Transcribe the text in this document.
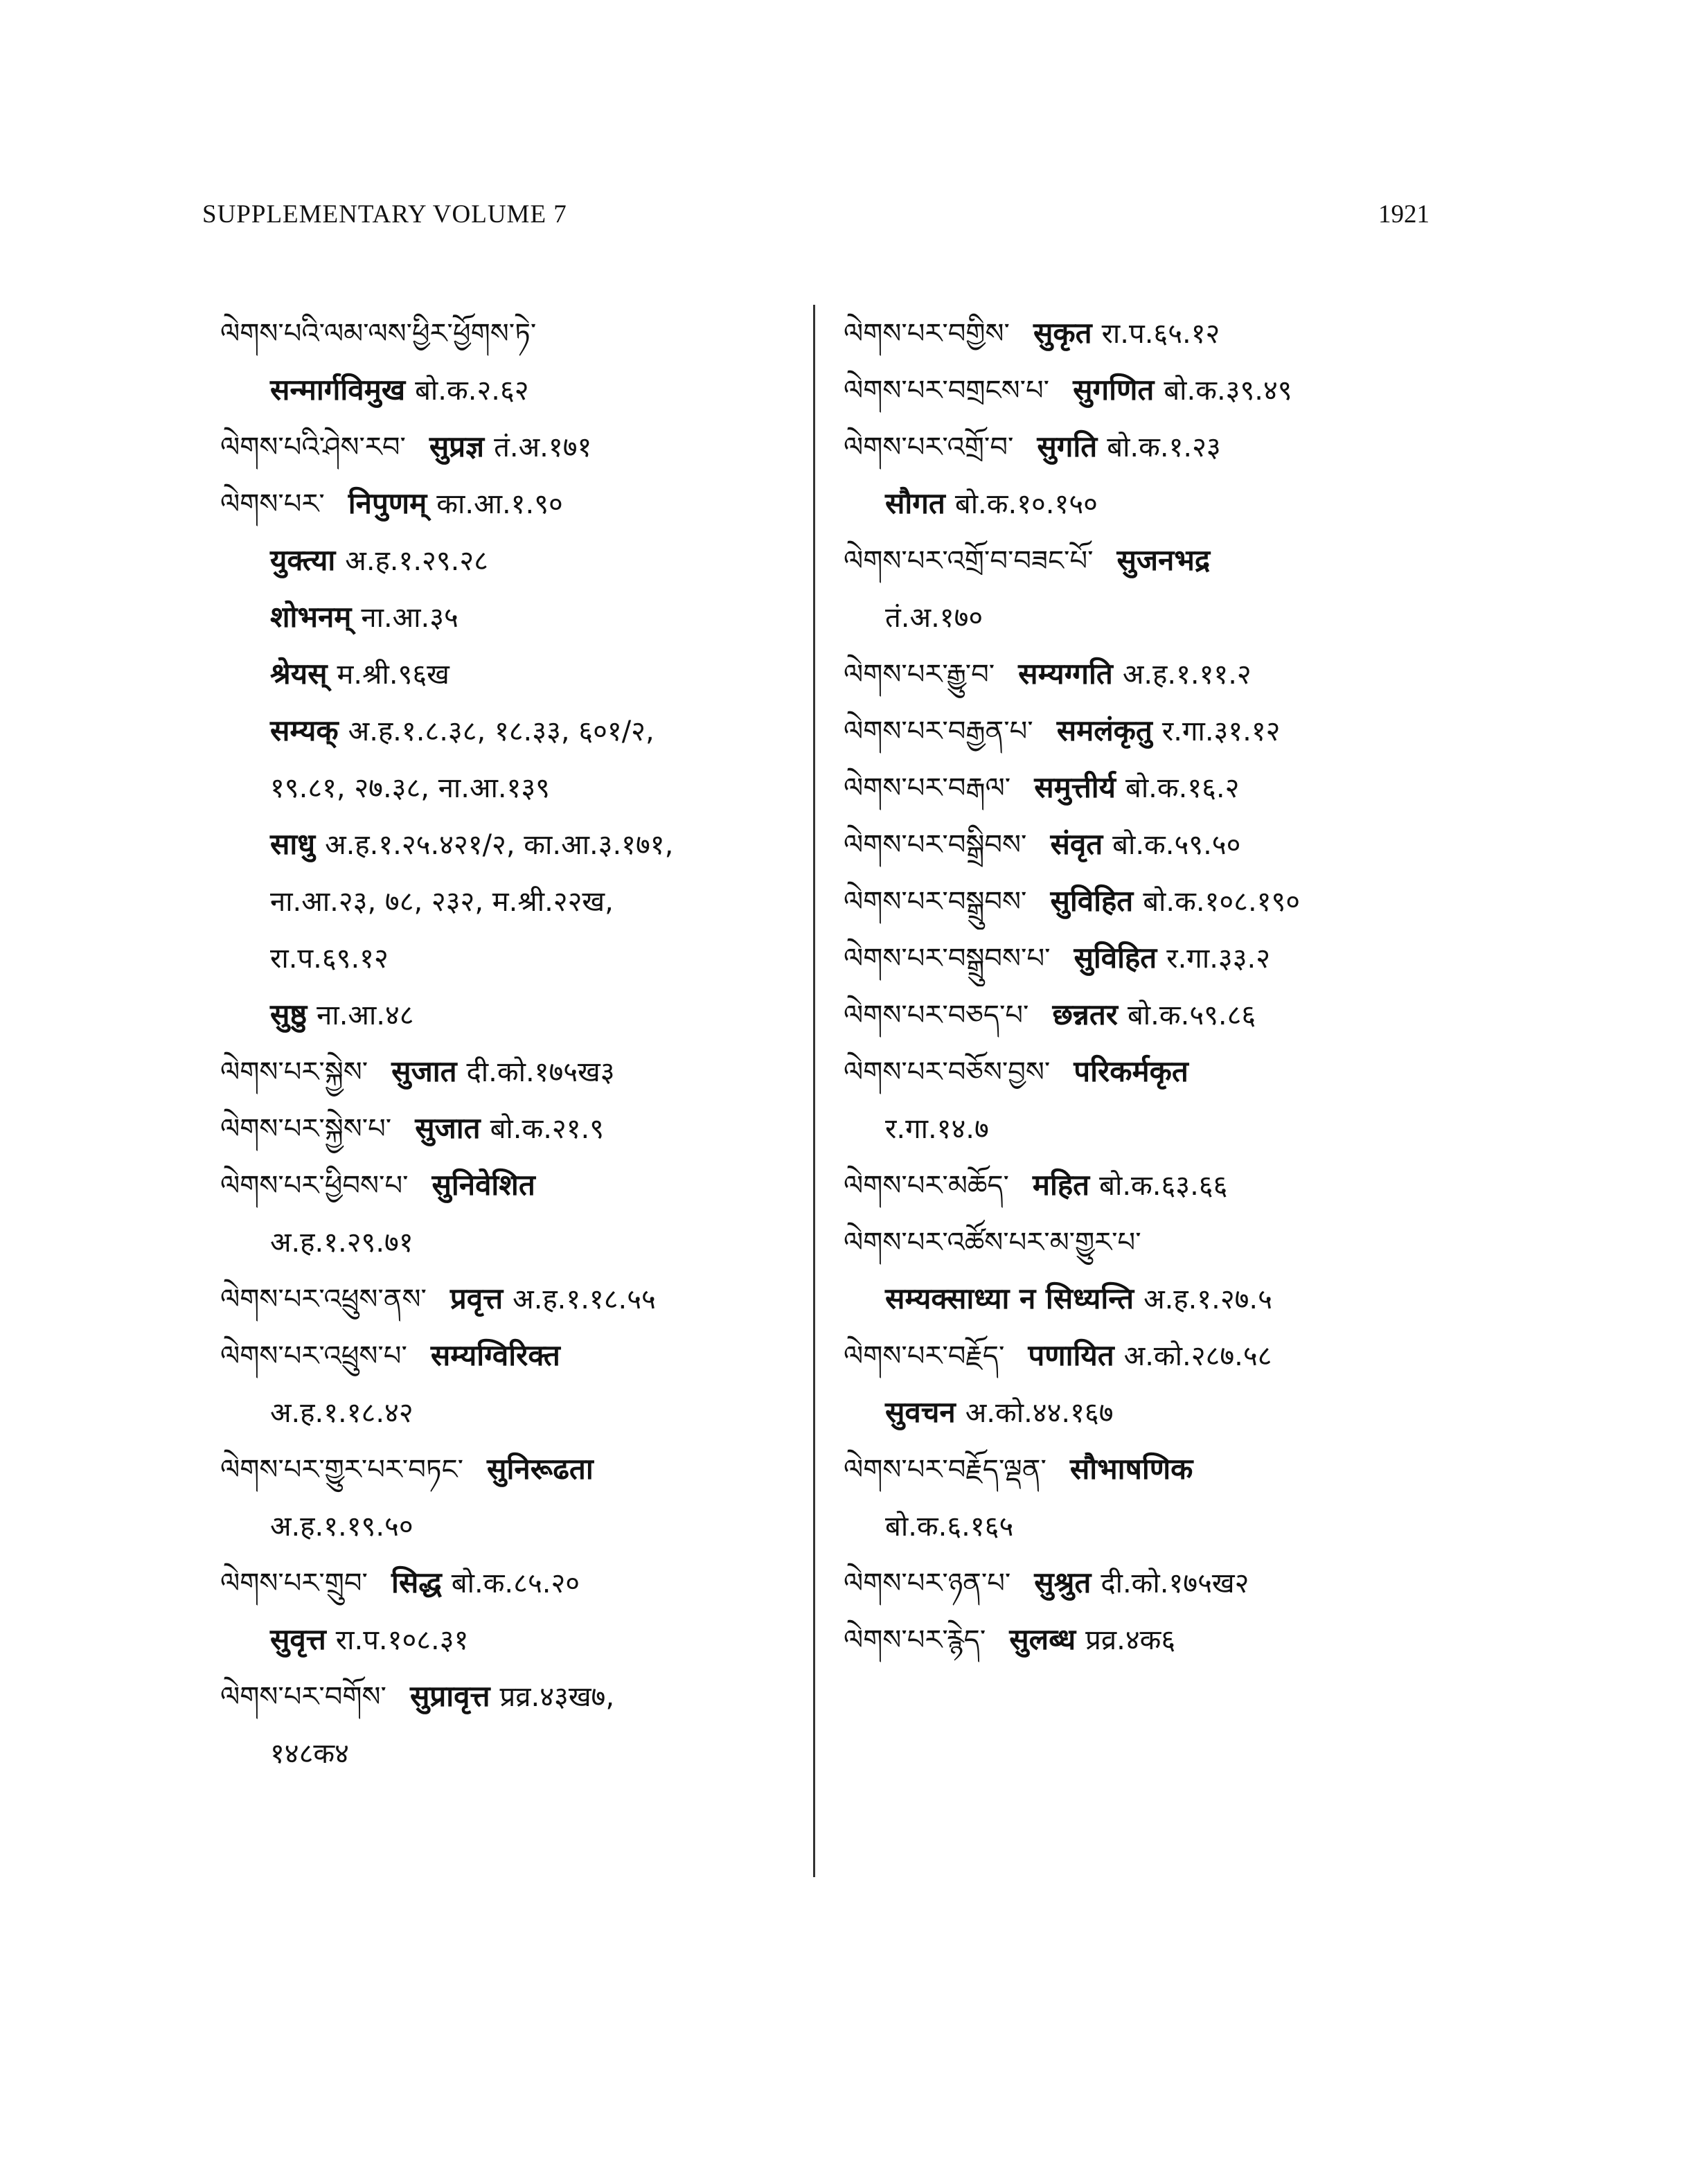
SUPPLEMENTARY VOLUME 7	1921
ལེགས་པའི་ལམ་ལས་ཕྱིར་ཕྱོགས་ཏེ་
सन्मार्गविमुख बो.क.२.६२
ལེགས་པའི་ཤེས་རབ་ सुप्रज्ञ तं.अ.१७१
ལེགས་པར་ निपुणम् का.आ.१.९०
युक्त्या अ.ह.१.२९.२८
शोभनम् ना.आ.३५
श्रेयस् म.श्री.९६ख
सम्यक् अ.ह.१.८.३८, १८.३३, ६०१/२,
१९.८१, २७.३८, ना.आ.१३९
साधु अ.ह.१.२५.४२१/२, का.आ.३.१७१,
ना.आ.२३, ७८, २३२, म.श्री.२२ख,
रा.प.६९.१२
सुष्ठु ना.आ.४८
ལེགས་པར་སྐྱེས་ सुजात दी.को.१७५ख३
ལེགས་པར་སྐྱེས་པ་ सुजात बो.क.२१.९
ལེགས་པར་ཕྱིབས་པ་ सुनिवेशित
अ.ह.१.२९.७१
ལེགས་པར་འཕྲུས་ནས་ प्रवृत्त अ.ह.१.१८.५५
ལེགས་པར་འཕྲུས་པ་ सम्यग्विरिक्त
अ.ह.१.१८.४२
ལེགས་པར་གྱུར་པར་བཏང་ सुनिरूढता
अ.ह.१.१९.५०
ལེགས་པར་གྲུབ་ सिद्ध बो.क.८५.२०
सुवृत्त रा.प.१०८.३१
ལེགས་པར་བགོས་ सुप्रावृत्त प्रव्र.४३ख७,
१४८क४
ལེགས་པར་བགྱིས་ सुकृत रा.प.६५.१२
ལེགས་པར་བགྲངས་པ་ सुगणित बो.क.३९.४९
ལེགས་པར་འགྲོ་བ་ सुगति बो.क.१.२३
सौगत बो.क.१०.१५०
ལེགས་པར་འགྲོ་བ་བཟང་པོ་ सुजनभद्र
तं.अ.१७०
ལེགས་པར་རྒྱུ་བ་ सम्यग्गति अ.ह.१.११.२
ལེགས་པར་བརྒྱན་པ་ समलंकृतु र.गा.३१.१२
ལེགས་པར་བརྒལ་ समुत्तीर्य बो.क.१६.२
ལེགས་པར་བསྒྲིབས་ संवृत बो.क.५९.५०
ལེགས་པར་བསྒྲུབས་ सुविहित बो.क.१०८.१९०
ལེགས་པར་བསྒྲུབས་པ་ सुविहित र.गा.३३.२
ལེགས་པར་བཅད་པ་ छन्नतर बो.क.५९.८६
ལེགས་པར་བཅོས་བྱས་ परिकर्मकृत
र.गा.१४.७
ལེགས་པར་མཆོད་ महित बो.क.६३.६६
ལེགས་པར་འཚོས་པར་མ་གྱུར་པ་
सम्यक्साध्या न सिध्यन्ति अ.ह.१.२७.५
ལེགས་པར་བརྗོད་ पणायित अ.को.२८७.५८
सुवचन अ.को.४४.१६७
ལེགས་པར་བརྗོད་ལྡན་ सौभाषणिक
बो.क.६.१६५
ལེགས་པར་ཉན་པ་ सुश्रुत दी.को.१७५ख२
ལེགས་པར་རྙེད་ सुलब्ध प्रव्र.४क६
